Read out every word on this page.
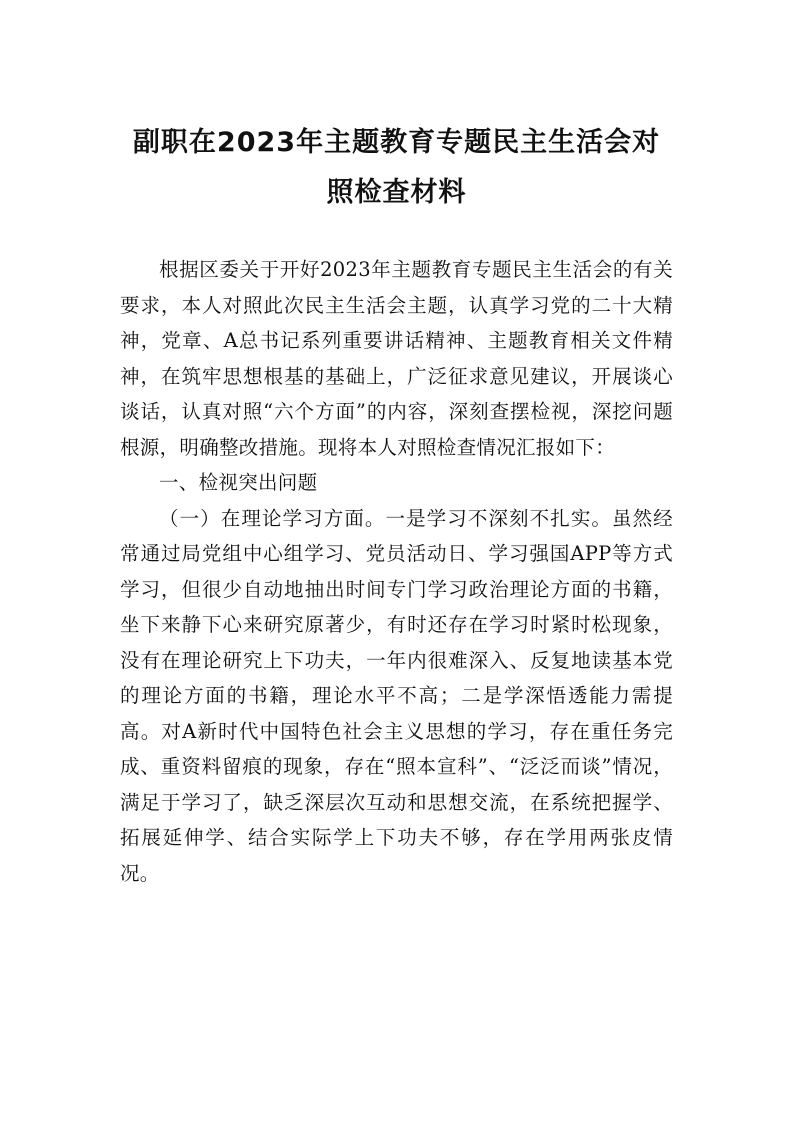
副职在2023年主题教育专题民主生活会对
照检查材料

根据区委关于开好2023年主题教育专题民主生活会的有关要求，本人对照此次民主生活会主题，认真学习党的二十大精神，党章、A总书记系列重要讲话精神、主题教育相关文件精神，在筑牢思想根基的基础上，广泛征求意见建议，开展谈心谈话，认真对照“六个方面”的内容，深刻查摆检视，深挖问题根源，明确整改措施。现将本人对照检查情况汇报如下：

一、检视突出问题

（一）在理论学习方面。一是学习不深刻不扎实。虽然经常通过局党组中心组学习、党员活动日、学习强国APP等方式学习，但很少自动地抽出时间专门学习政治理论方面的书籍，坐下来静下心来研究原著少，有时还存在学习时紧时松现象，没有在理论研究上下功夫，一年内很难深入、反复地读基本党的理论方面的书籍，理论水平不高；二是学深悟透能力需提高。对A新时代中国特色社会主义思想的学习，存在重任务完成、重资料留痕的现象，存在“照本宣科”、“泛泛而谈”情况，满足于学习了，缺乏深层次互动和思想交流，在系统把握学、拓展延伸学、结合实际学上下功夫不够，存在学用两张皮情况。
